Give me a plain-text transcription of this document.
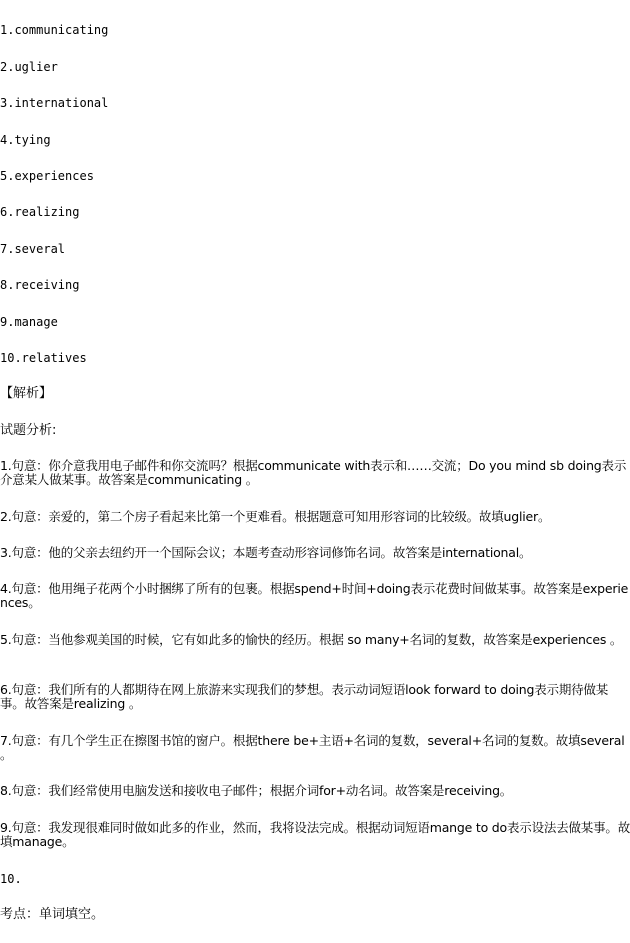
1.communicating
2.uglier
3.international
4.tying
5.experiences
6.realizing
7.several
8.receiving
9.manage
10.relatives
【解析】
试题分析:
1.句意：你介意我用电子邮件和你交流吗？根据communicate with表示和……交流；Do you mind sb doing表示介意某人做某事。故答案是communicating 。
2.句意：亲爱的，第二个房子看起来比第一个更难看。根据题意可知用形容词的比较级。故填uglier。
3.句意：他的父亲去纽约开一个国际会议；本题考查动形容词修饰名词。故答案是international。
4.句意：他用绳子花两个小时捆绑了所有的包裹。根据spend+时间+doing表示花费时间做某事。故答案是experiences。
5.句意：当他参观美国的时候，它有如此多的愉快的经历。根据 so many+名词的复数，故答案是experiences 。
6.句意：我们所有的人都期待在网上旅游来实现我们的梦想。表示动词短语look forward to doing表示期待做某事。故答案是realizing 。
7.句意：有几个学生正在擦图书馆的窗户。根据there be+主语+名词的复数，several+名词的复数。故填several 。
8.句意：我们经常使用电脑发送和接收电子邮件；根据介词for+动名词。故答案是receiving。
9.句意：我发现很难同时做如此多的作业，然而，我将设法完成。根据动词短语mange to do表示设法去做某事。故填manage。
10.
考点：单词填空。
